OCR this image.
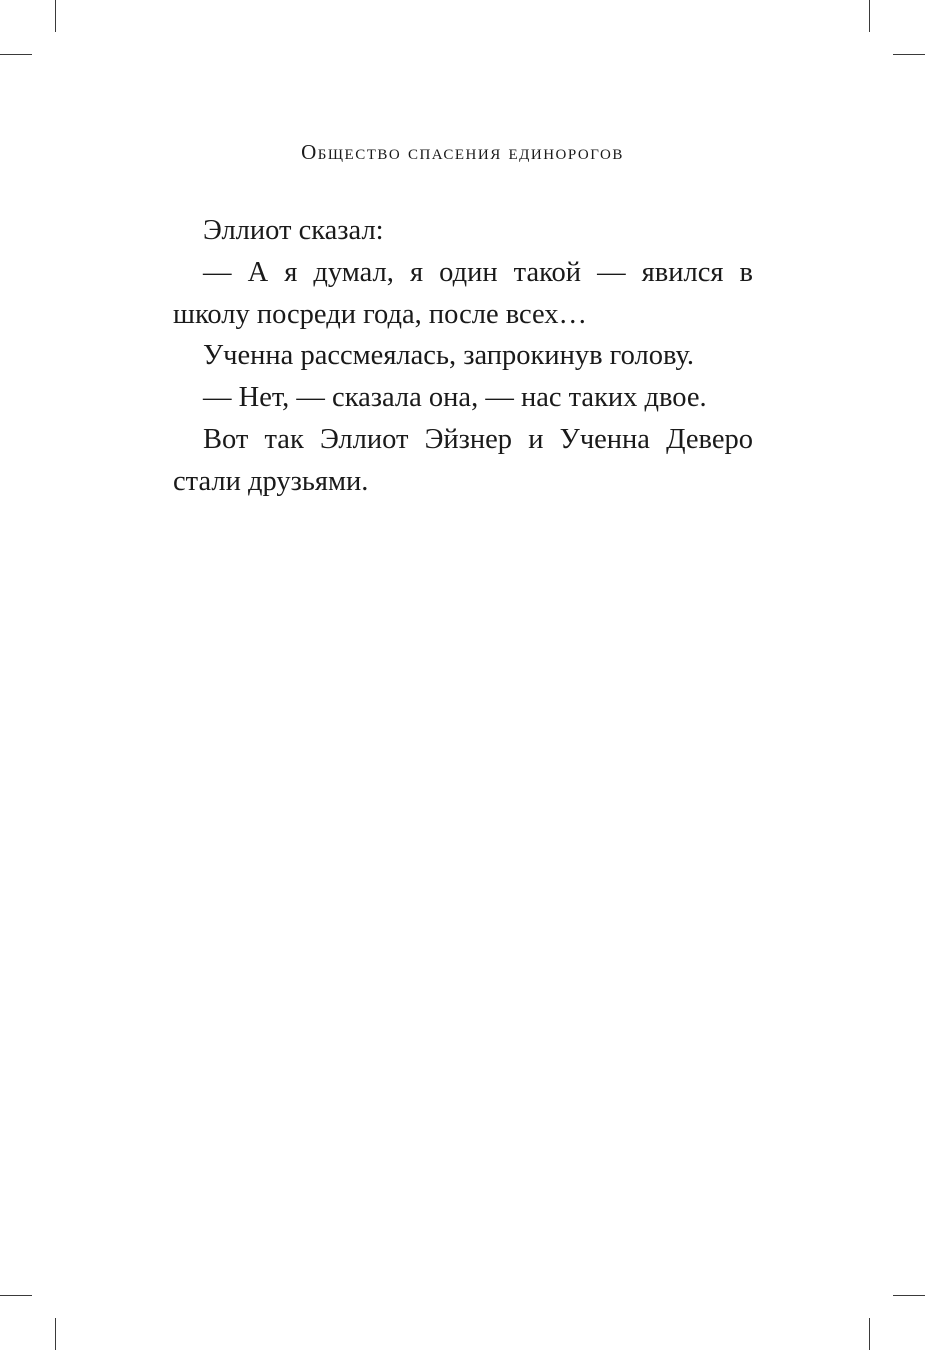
Общество спасения единорогов

Эллиот сказал:

— А я думал, я один такой — явился в школу посреди года, после всех…

Ученна рассмеялась, запрокинув голову.

— Нет, — сказала она, — нас таких двое.

Вот так Эллиот Эйзнер и Ученна Деверо стали друзьями.
